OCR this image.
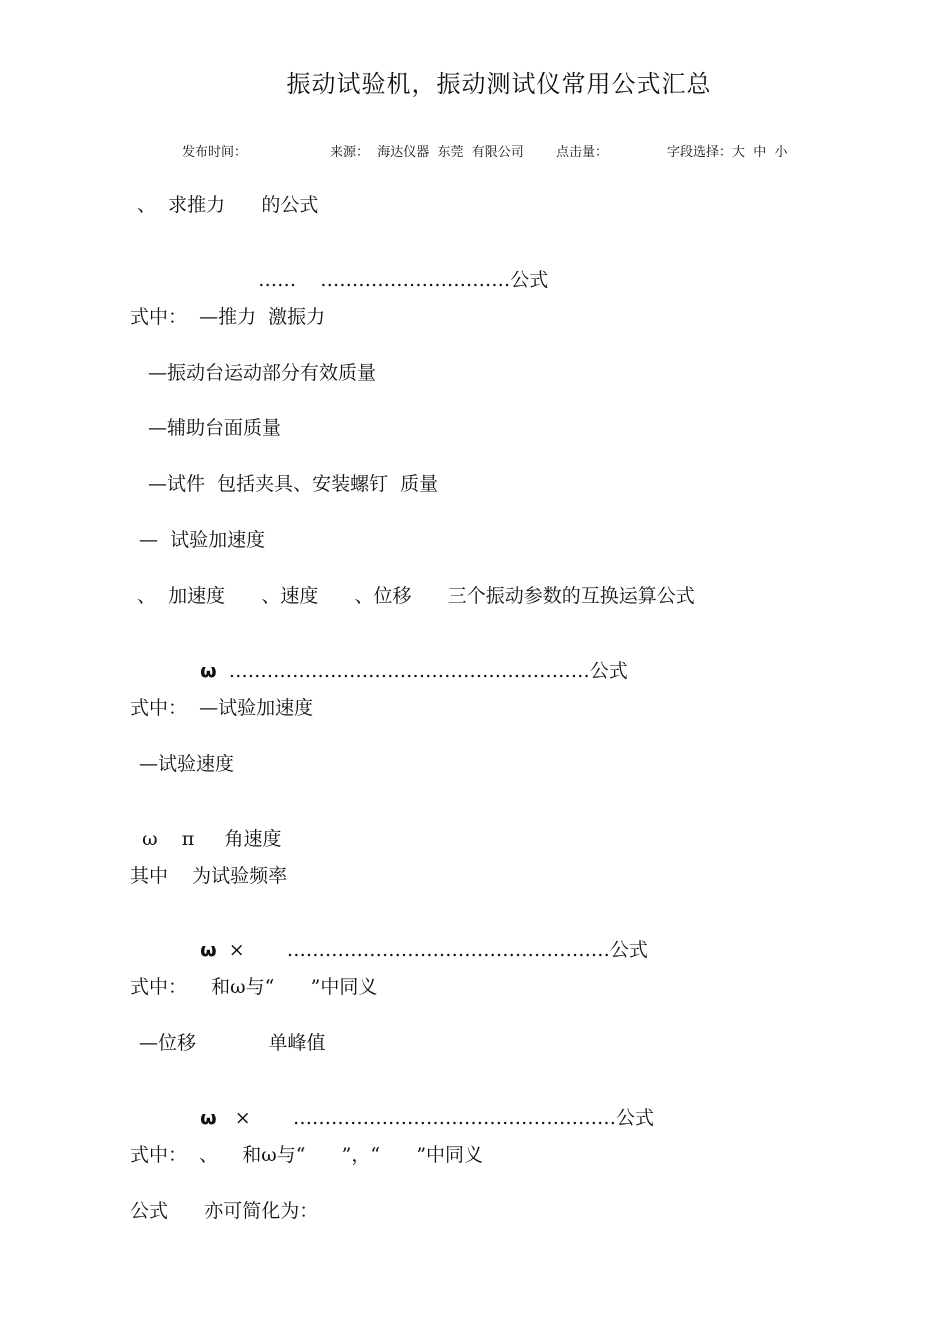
振动试验机，振动测试仪常用公式汇总
发布时间：	来源：  海达仪器  东莞  有限公司 点击量：	字段选择：大  中  小
、  求推力      的公式

……    …………………………公式

式中：  —推力  激振力
—振动台运动部分有效质量
—辅助台面质量
—试件  包括夹具、安装螺钉  质量
—  试验加速度
、  加速度      、速度      、位移      三个振动参数的互换运算公式

ω …………………………………………………公式

式中：  —试验加速度
—试验速度

ω π 角速度

其中    为试验频率

ω × ……………………………………………公式

式中：    和ω与“      ”中同义
—位移            单峰值

ω × ……………………………………………公式

式中：  、    和ω与“      ”，“      ”中同义
公式      亦可简化为：
